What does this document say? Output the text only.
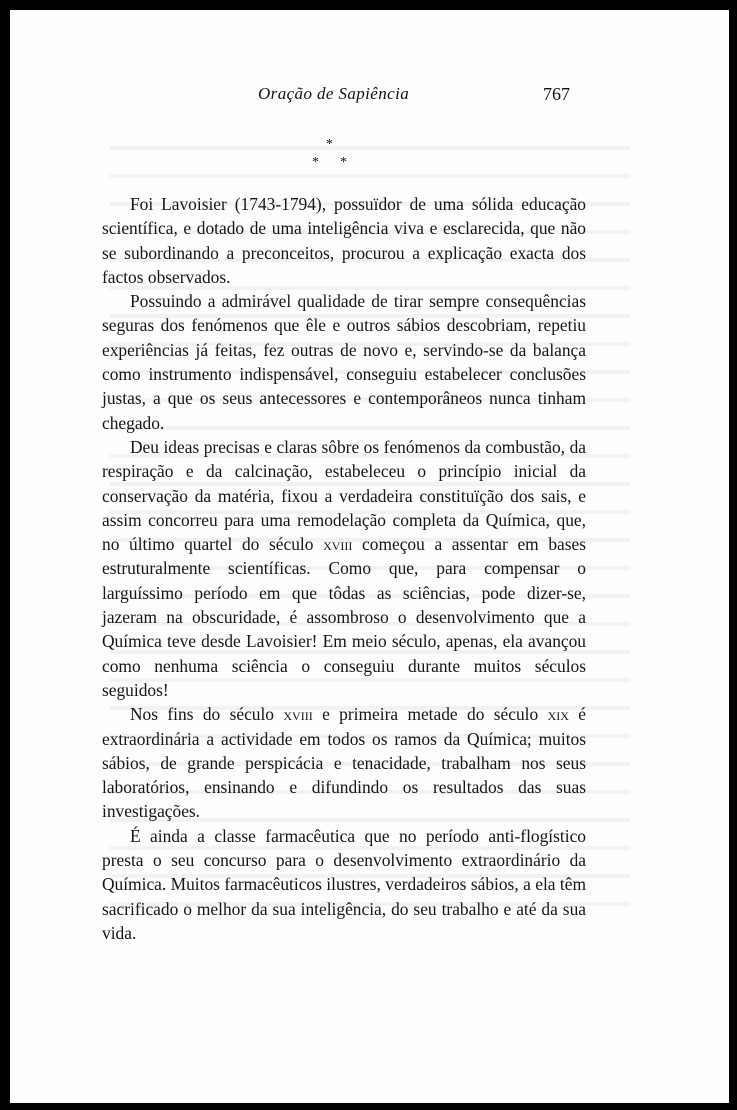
Oração de Sapiência	767
*
* *

Foi Lavoisier (1743-1794), possuïdor de uma sólida educação scientífica, e dotado de uma inteligência viva e esclarecida, que não se subordinando a preconceitos, procurou a explicação exacta dos factos observados.

Possuindo a admirável qualidade de tirar sempre consequências seguras dos fenómenos que êle e outros sábios descobriam, repetiu experiências já feitas, fez outras de novo e, servindo-se da balança como instrumento indispensável, conseguiu estabelecer conclusões justas, a que os seus antecessores e contemporâneos nunca tinham chegado.

Deu ideas precisas e claras sôbre os fenómenos da combustão, da respiração e da calcinação, estabeleceu o princípio inicial da conservação da matéria, fixou a verdadeira constituïção dos sais, e assim concorreu para uma remodelação completa da Química, que, no último quartel do século xviii começou a assentar em bases estruturalmente scientíficas. Como que, para compensar o larguíssimo período em que tôdas as sciências, pode dizer-se, jazeram na obscuridade, é assombroso o desenvolvimento que a Química teve desde Lavoisier! Em meio século, apenas, ela avançou como nenhuma sciência o conseguiu durante muitos séculos seguidos!

Nos fins do século xviii e primeira metade do século xix é extraordinária a actividade em todos os ramos da Química; muitos sábios, de grande perspicácia e tenacidade, trabalham nos seus laboratórios, ensinando e difundindo os resultados das suas investigações.

É ainda a classe farmacêutica que no período anti-flogístico presta o seu concurso para o desenvolvimento extraordinário da Química. Muitos farmacêuticos ilustres, verdadeiros sábios, a ela têm sacrificado o melhor da sua inteligência, do seu trabalho e até da sua vida.
